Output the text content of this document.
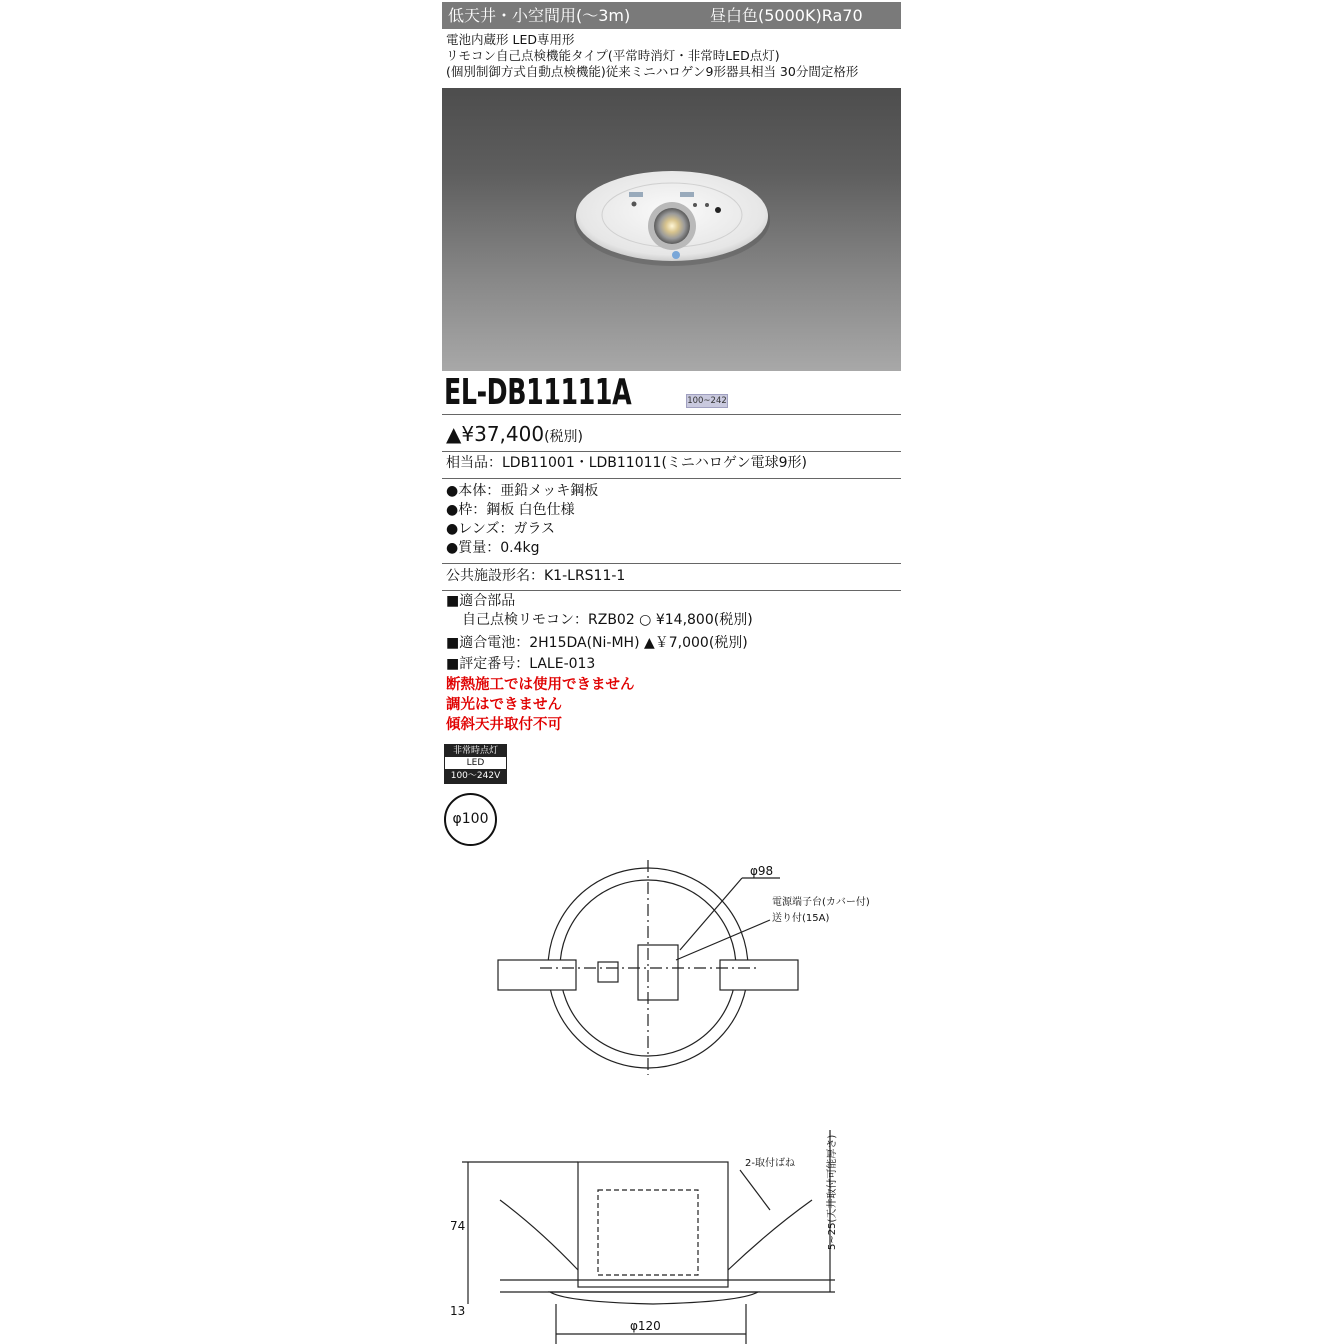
低天井・小空間用(～3m)	昼白色(5000K)Ra70
電池内蔵形 LED専用形
リモコン自己点検機能タイプ(平常時消灯・非常時LED点灯)
(個別制御方式自動点検機能)従来ミニハロゲン9形器具相当 30分間定格形
EL-DB11111A	100~242
▲¥37,400(税別)
相当品：LDB11001・LDB11011(ミニハロゲン電球9形)
●本体：亜鉛メッキ鋼板
●枠：鋼板 白色仕様
●レンズ：ガラス
●質量：0.4kg
公共施設形名：K1-LRS11-1
■適合部品
自己点検リモコン：RZB02 ○ ¥14,800(税別)
■適合電池：2H15DA(Ni-MH) ▲￥7,000(税別)
■評定番号：LALE-013
断熱施工では使用できません
調光はできません
傾斜天井取付不可
非常時点灯
LED
100～242V
φ100
φ98
電源端子台(カバー付)
送り付(15A)
74
13
φ120
2-取付ばね	5~25(天井取付可能厚さ)
